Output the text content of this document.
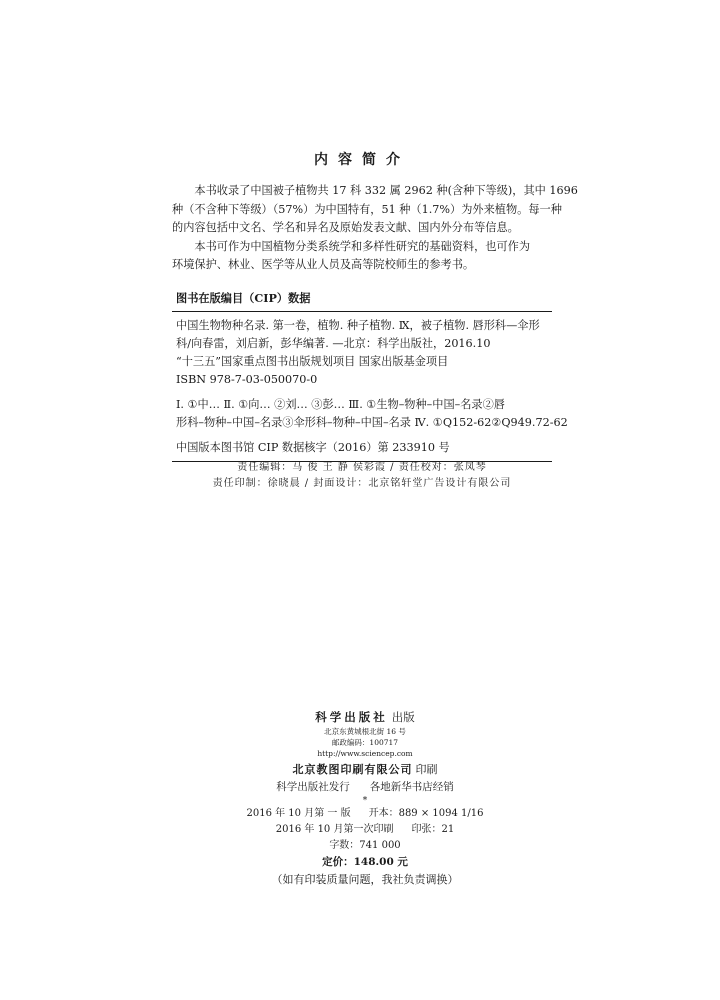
内容简介

本书收录了中国被子植物共 17 科 332 属 2962 种(含种下等级)，其中 1696
种（不含种下等级）（57%）为中国特有，51 种（1.7%）为外来植物。每一种
的内容包括中文名、学名和异名及原始发表文献、国内外分布等信息。

本书可作为中国植物分类系统学和多样性研究的基础资料，也可作为
环境保护、林业、医学等从业人员及高等院校师生的参考书。

图书在版编目（CIP）数据
中国生物物种名录. 第一卷，植物. 种子植物. Ⅸ，被子植物. 唇形科—伞形
科/向春雷，刘启新，彭华编著. —北京：科学出版社，2016.10
“十三五”国家重点图书出版规划项目 国家出版基金项目
ISBN 978-7-03-050070-0
Ⅰ. ①中… Ⅱ. ①向… ②刘… ③彭… Ⅲ. ①生物–物种–中国–名录②唇
形科–物种–中国–名录③伞形科–物种–中国–名录 Ⅳ. ①Q152-62②Q949.72-62
中国版本图书馆 CIP 数据核字（2016）第 233910 号
责任编辑：马 俊 王 静 侯彩霞 / 责任校对：张凤琴
责任印制：徐晓晨 / 封面设计：北京铭轩堂广告设计有限公司
科学出版社 出版
北京东黄城根北街 16 号
邮政编码：100717
http://www.sciencep.com
北京教图印刷有限公司 印刷
科学出版社发行 各地新华书店经销
*
2016 年 10 月第 一 版 开本：889 × 1094 1/16
2016 年 10 月第一次印刷 印张：21
字数：741 000
定价：148.00 元
（如有印装质量问题，我社负责调换）
